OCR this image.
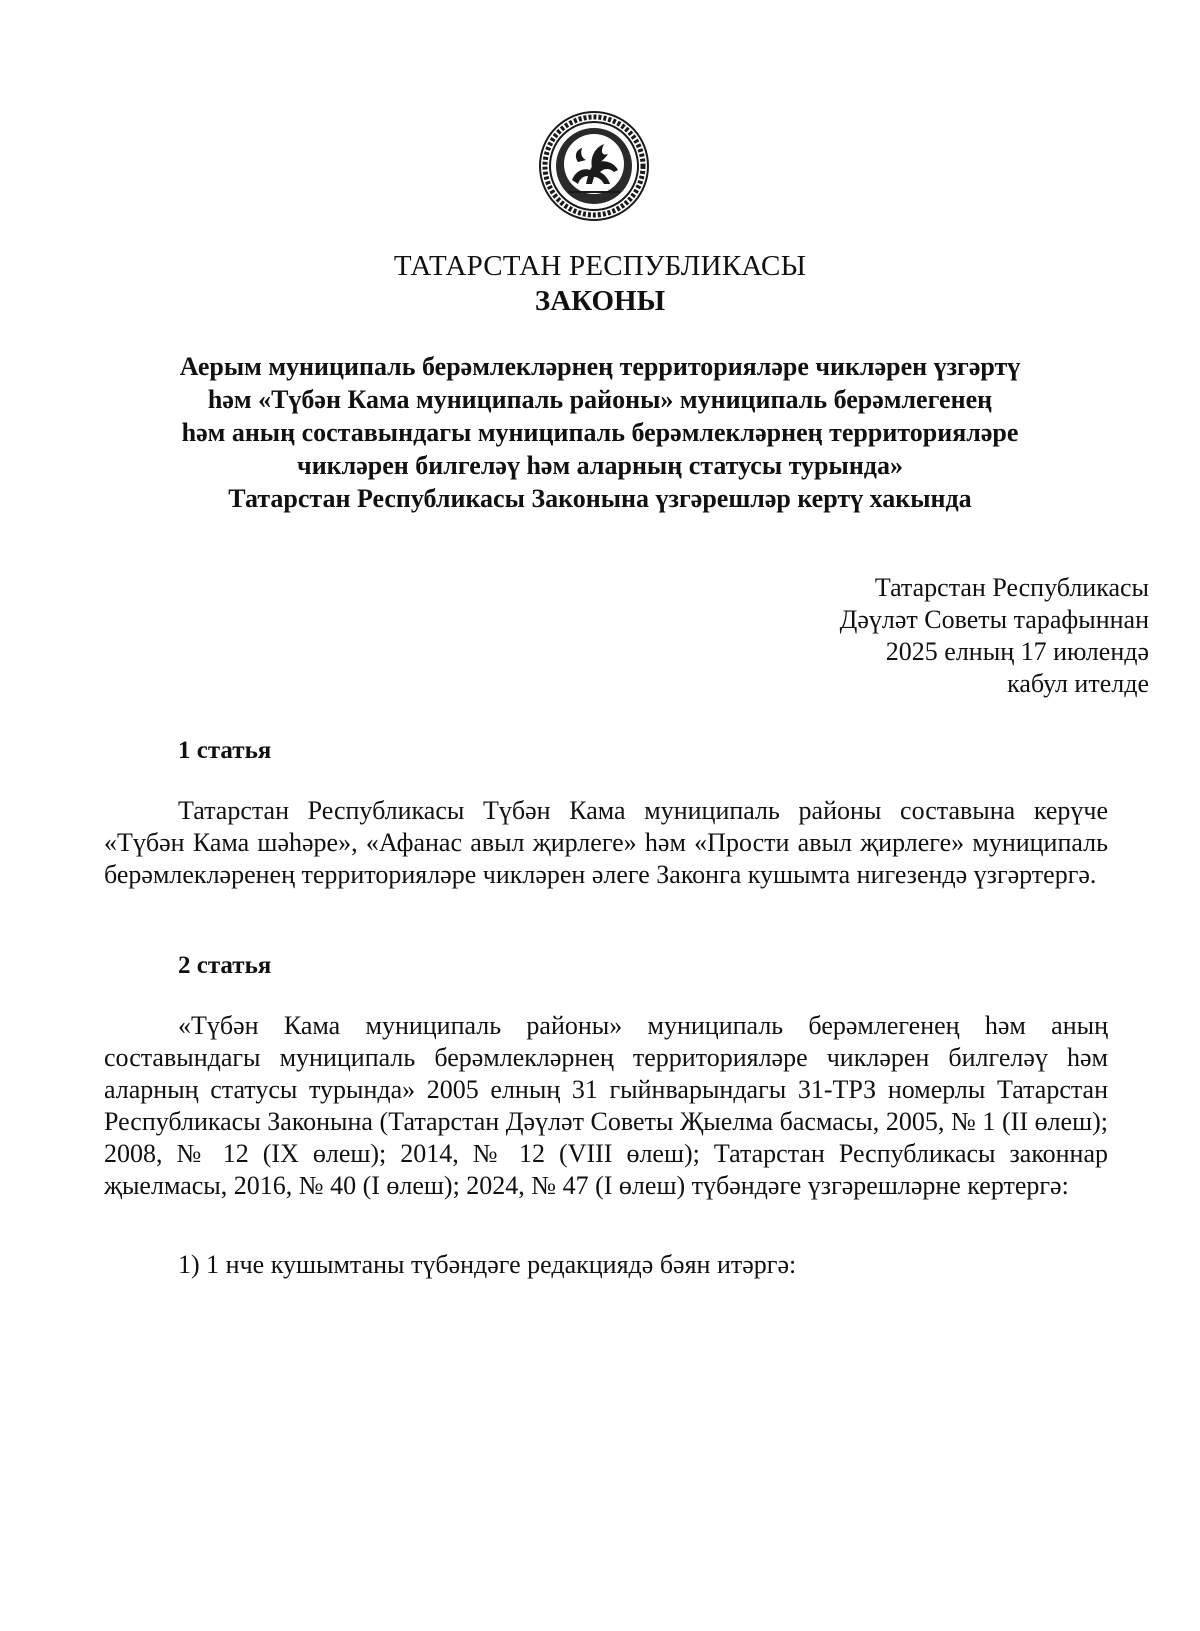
ТАТАРСТАН РЕСПУБЛИКАСЫ
ЗАКОНЫ
Аерым муниципаль берәмлекләрнең территорияләре чикләрен үзгәртү
һәм «Түбән Кама муниципаль районы» муниципаль берәмлегенең
һәм аның составындагы муниципаль берәмлекләрнең территорияләре
чикләрен билгеләү һәм аларның статусы турында»
Татарстан Республикасы Законына үзгәрешләр кертү хакында
Татарстан Республикасы
Дәүләт Советы тарафыннан
2025 елның 17 июлендә
кабул ителде
1 статья
Татарстан Республикасы Түбән Кама муниципаль районы составына керүче «Түбән Кама шәһәре», «Афанас авыл җирлеге» һәм «Прости авыл җирлеге» муниципаль берәмлекләренең территорияләре чикләрен әлеге Законга кушымта нигезендә үзгәртергә.
2 статья
«Түбән Кама муниципаль районы» муниципаль берәмлегенең һәм аның составындагы муниципаль берәмлекләрнең территорияләре чикләрен билгеләү һәм аларның статусы турында» 2005 елның 31 гыйнварындагы 31-ТРЗ номерлы Татарстан Республикасы Законына (Татарстан Дәүләт Советы Җыелма басмасы, 2005, № 1 (II өлеш); 2008, № 12 (IX өлеш); 2014, № 12 (VIII өлеш); Татарстан Республикасы законнар җыелмасы, 2016, № 40 (I өлеш); 2024, № 47 (I өлеш) түбәндәге үзгәрешләрне кертергә:
1) 1 нче кушымтаны түбәндәге редакциядә бәян итәргә:
